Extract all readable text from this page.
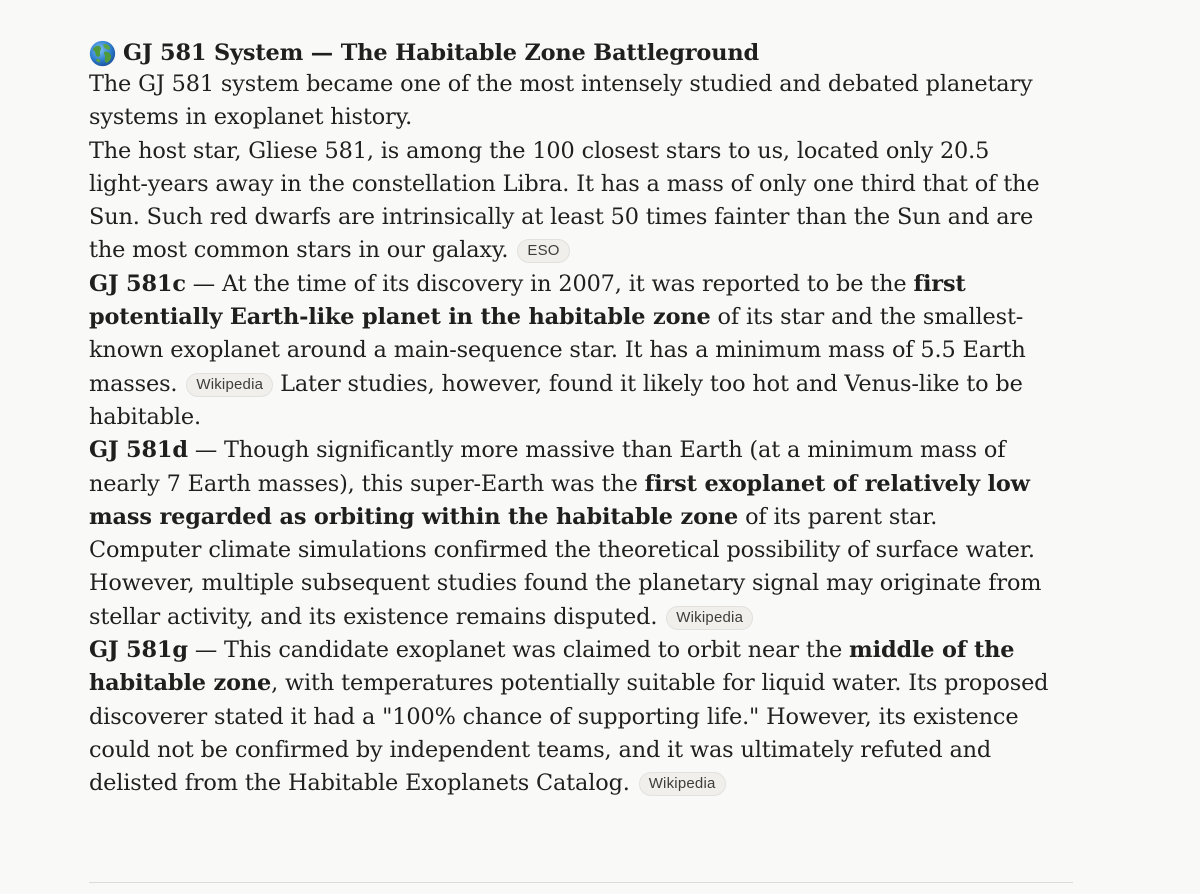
GJ 581 System — The Habitable Zone Battleground

The GJ 581 system became one of the most intensely studied and debated planetary systems in exoplanet history.

The host star, Gliese 581, is among the 100 closest stars to us, located only 20.5 light-years away in the constellation Libra. It has a mass of only one third that of the Sun. Such red dwarfs are intrinsically at least 50 times fainter than the Sun and are the most common stars in our galaxy. ESO

GJ 581c — At the time of its discovery in 2007, it was reported to be the first potentially Earth-like planet in the habitable zone of its star and the smallest-known exoplanet around a main-sequence star. It has a minimum mass of 5.5 Earth masses. Wikipedia Later studies, however, found it likely too hot and Venus-like to be habitable.

GJ 581d — Though significantly more massive than Earth (at a minimum mass of nearly 7 Earth masses), this super-Earth was the first exoplanet of relatively low mass regarded as orbiting within the habitable zone of its parent star. Computer climate simulations confirmed the theoretical possibility of surface water. However, multiple subsequent studies found the planetary signal may originate from stellar activity, and its existence remains disputed. Wikipedia

GJ 581g — This candidate exoplanet was claimed to orbit near the middle of the habitable zone, with temperatures potentially suitable for liquid water. Its proposed discoverer stated it had a "100% chance of supporting life." However, its existence could not be confirmed by independent teams, and it was ultimately refuted and delisted from the Habitable Exoplanets Catalog. Wikipedia
